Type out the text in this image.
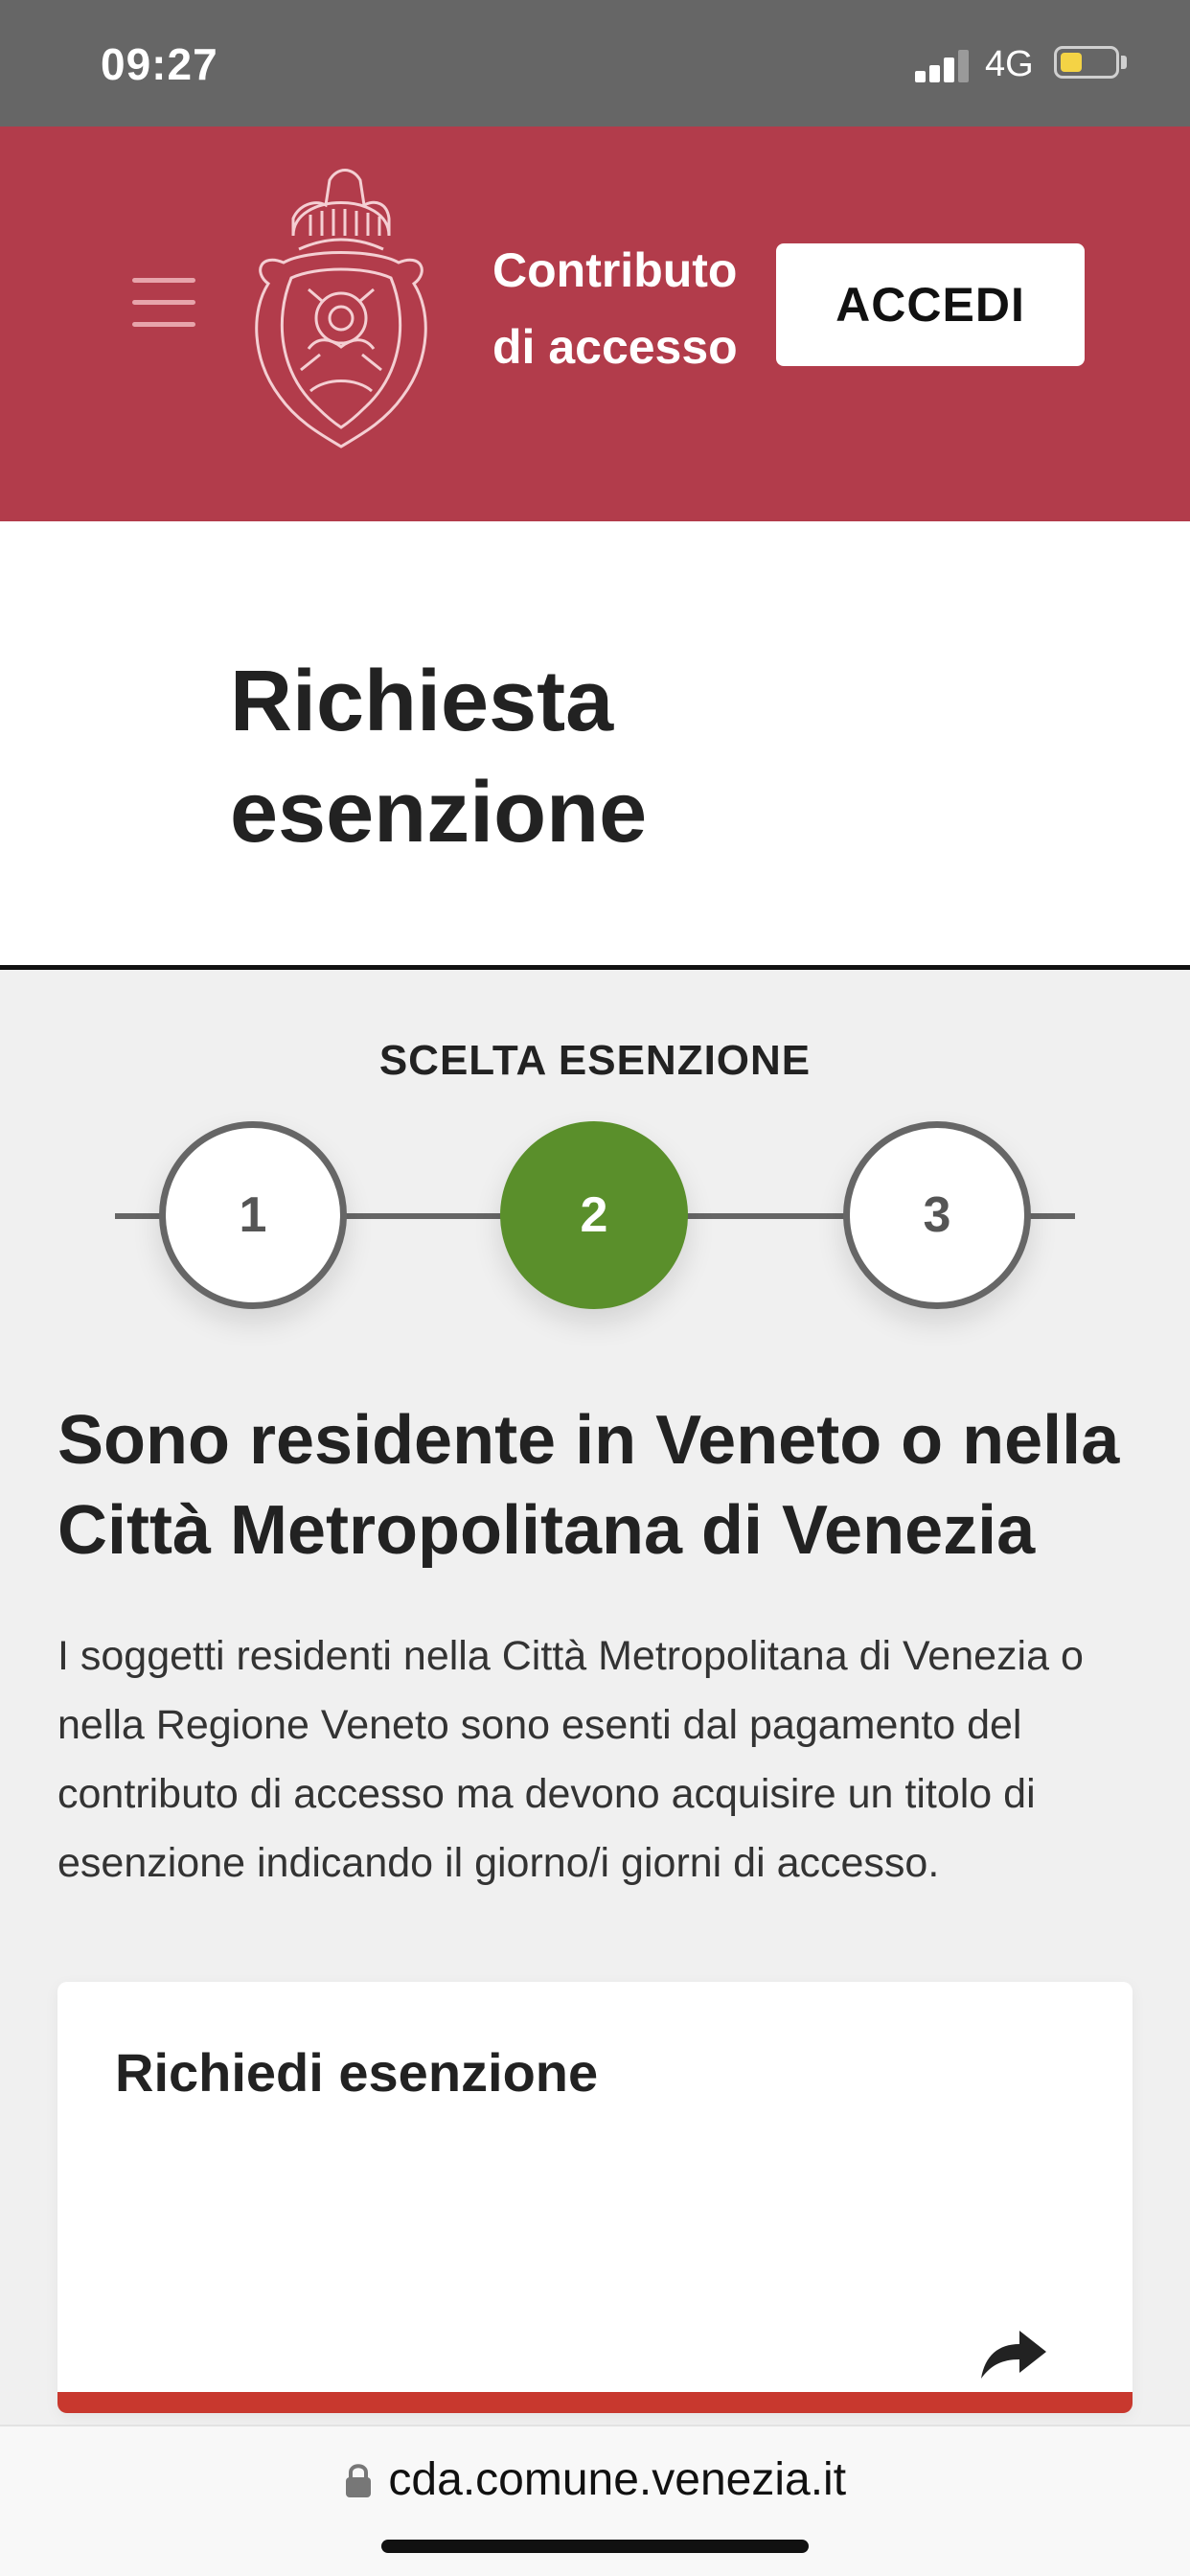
09:27	4G
Contributo
di accesso
ACCEDI
Richiesta
esenzione
SCELTA ESENZIONE
1	2	3
Sono residente in Veneto o nella Città Metropolitana di Venezia

I soggetti residenti nella Città Metropolitana di Venezia o nella Regione Veneto sono esenti dal pagamento del contributo di accesso ma devono acquisire un titolo di esenzione indicando il giorno/i giorni di accesso.

Richiedi esenzione
cda.comune.venezia.it
